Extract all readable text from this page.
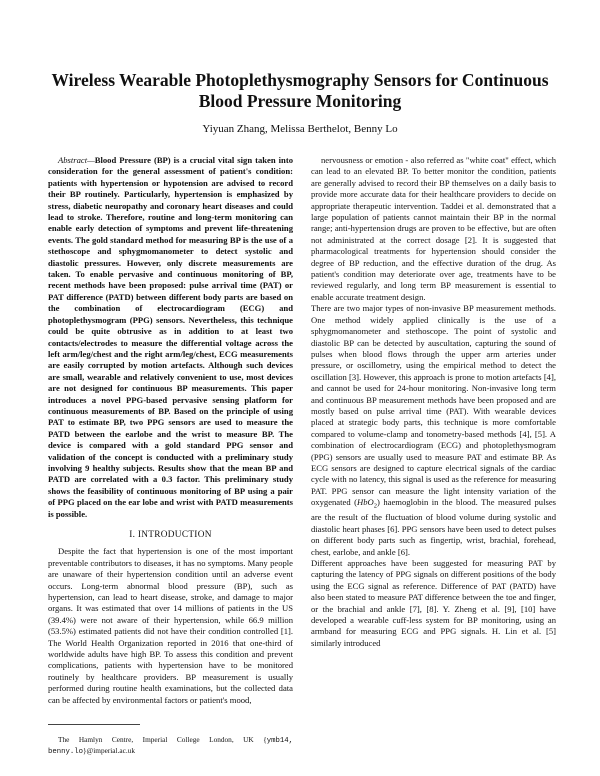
Wireless Wearable Photoplethysmography Sensors for Continuous Blood Pressure Monitoring

Yiyuan Zhang, Melissa Berthelot, Benny Lo

Abstract—Blood Pressure (BP) is a crucial vital sign taken into consideration for the general assessment of patient's condition: patients with hypertension or hypotension are advised to record their BP routinely. Particularly, hypertension is emphasized by stress, diabetic neuropathy and coronary heart diseases and could lead to stroke. Therefore, routine and long-term monitoring can enable early detection of symptoms and prevent life-threatening events. The gold standard method for measuring BP is the use of a stethoscope and sphygmomanometer to detect systolic and diastolic pressures. However, only discrete measurements are taken. To enable pervasive and continuous monitoring of BP, recent methods have been proposed: pulse arrival time (PAT) or PAT difference (PATD) between different body parts are based on the combination of electrocardiogram (ECG) and photoplethysmogram (PPG) sensors. Nevertheless, this technique could be quite obtrusive as in addition to at least two contacts/electrodes to measure the differential voltage across the left arm/leg/chest and the right arm/leg/chest, ECG measurements are easily corrupted by motion artefacts. Although such devices are small, wearable and relatively convenient to use, most devices are not designed for continuous BP measurements. This paper introduces a novel PPG-based pervasive sensing platform for continuous measurements of BP. Based on the principle of using PAT to estimate BP, two PPG sensors are used to measure the PATD between the earlobe and the wrist to measure BP. The device is compared with a gold standard PPG sensor and validation of the concept is conducted with a preliminary study involving 9 healthy subjects. Results show that the mean BP and PATD are correlated with a 0.3 factor. This preliminary study shows the feasibility of continuous monitoring of BP using a pair of PPG placed on the ear lobe and wrist with PATD measurements is possible.

I. INTRODUCTION

Despite the fact that hypertension is one of the most important preventable contributors to diseases, it has no symptoms. Many people are unaware of their hypertension condition until an adverse event occurs. Long-term abnormal blood pressure (BP), such as hypertension, can lead to heart disease, stroke, and damage to major organs. It was estimated that over 14 millions of patients in the US (39.4%) were not aware of their hypertension, while 66.9 million (53.5%) estimated patients did not have their condition controlled [1]. The World Health Organization reported in 2016 that one-third of worldwide adults have high BP. To assess this condition and prevent complications, patients with hypertension have to be monitored routinely by healthcare providers. BP measurement is usually performed during routine health examinations, but the collected data can be affected by environmental factors or patient's mood,

nervousness or emotion - also referred as "white coat" effect, which can lead to an elevated BP. To better monitor the condition, patients are generally advised to record their BP themselves on a daily basis to provide more accurate data for their healthcare providers to decide on appropriate therapeutic intervention. Taddei et al. demonstrated that a large population of patients cannot maintain their BP in the normal range; anti-hypertension drugs are proven to be effective, but are often not administrated at the correct dosage [2]. It is suggested that pharmacological treatments for hypertension should consider the degree of BP reduction, and the effective duration of the drug. As patient's condition may deteriorate over age, treatments have to be reviewed regularly, and long term BP measurement is essential to enable accurate treatment design.

There are two major types of non-invasive BP measurement methods. One method widely applied clinically is the use of a sphygmomanometer and stethoscope. The point of systolic and diastolic BP can be detected by auscultation, capturing the sound of pulses when blood flows through the upper arm arteries under pressure, or oscillometry, using the empirical method to detect the oscillation [3]. However, this approach is prone to motion artefacts [4], and cannot be used for 24-hour monitoring. Non-invasive long term and continuous BP measurement methods have been proposed and are mostly based on pulse arrival time (PAT). With wearable devices placed at strategic body parts, this technique is more comfortable compared to volume-clamp and tonometry-based methods [4], [5]. A combination of electrocardiogram (ECG) and photoplethysmogram (PPG) sensors are usually used to measure PAT and estimate BP. As ECG sensors are designed to capture electrical signals of the cardiac cycle with no latency, this signal is used as the reference for measuring PAT. PPG sensor can measure the light intensity variation of the oxygenated (HbO$_2$) haemoglobin in the blood. The measured pulses are the result of the fluctuation of blood volume during systolic and diastolic heart phases [6]. PPG sensors have been used to detect pulses on different body parts such as fingertip, wrist, brachial, forehead, chest, earlobe, and ankle [6].

Different approaches have been suggested for measuring PAT by capturing the latency of PPG signals on different positions of the body using the ECG signal as reference. Difference of PAT (PATD) have also been stated to measure PAT difference between the toe and finger, or the brachial and ankle [7], [8]. Y. Zheng et al. [9], [10] have developed a wearable cuff-less system for BP monitoring, using an armband for measuring ECG and PPG signals. H. Lin et al. [5] similarly introduced

The Hamlyn Centre, Imperial College London, UK {ymb14, benny.lo}@imperial.ac.uk
